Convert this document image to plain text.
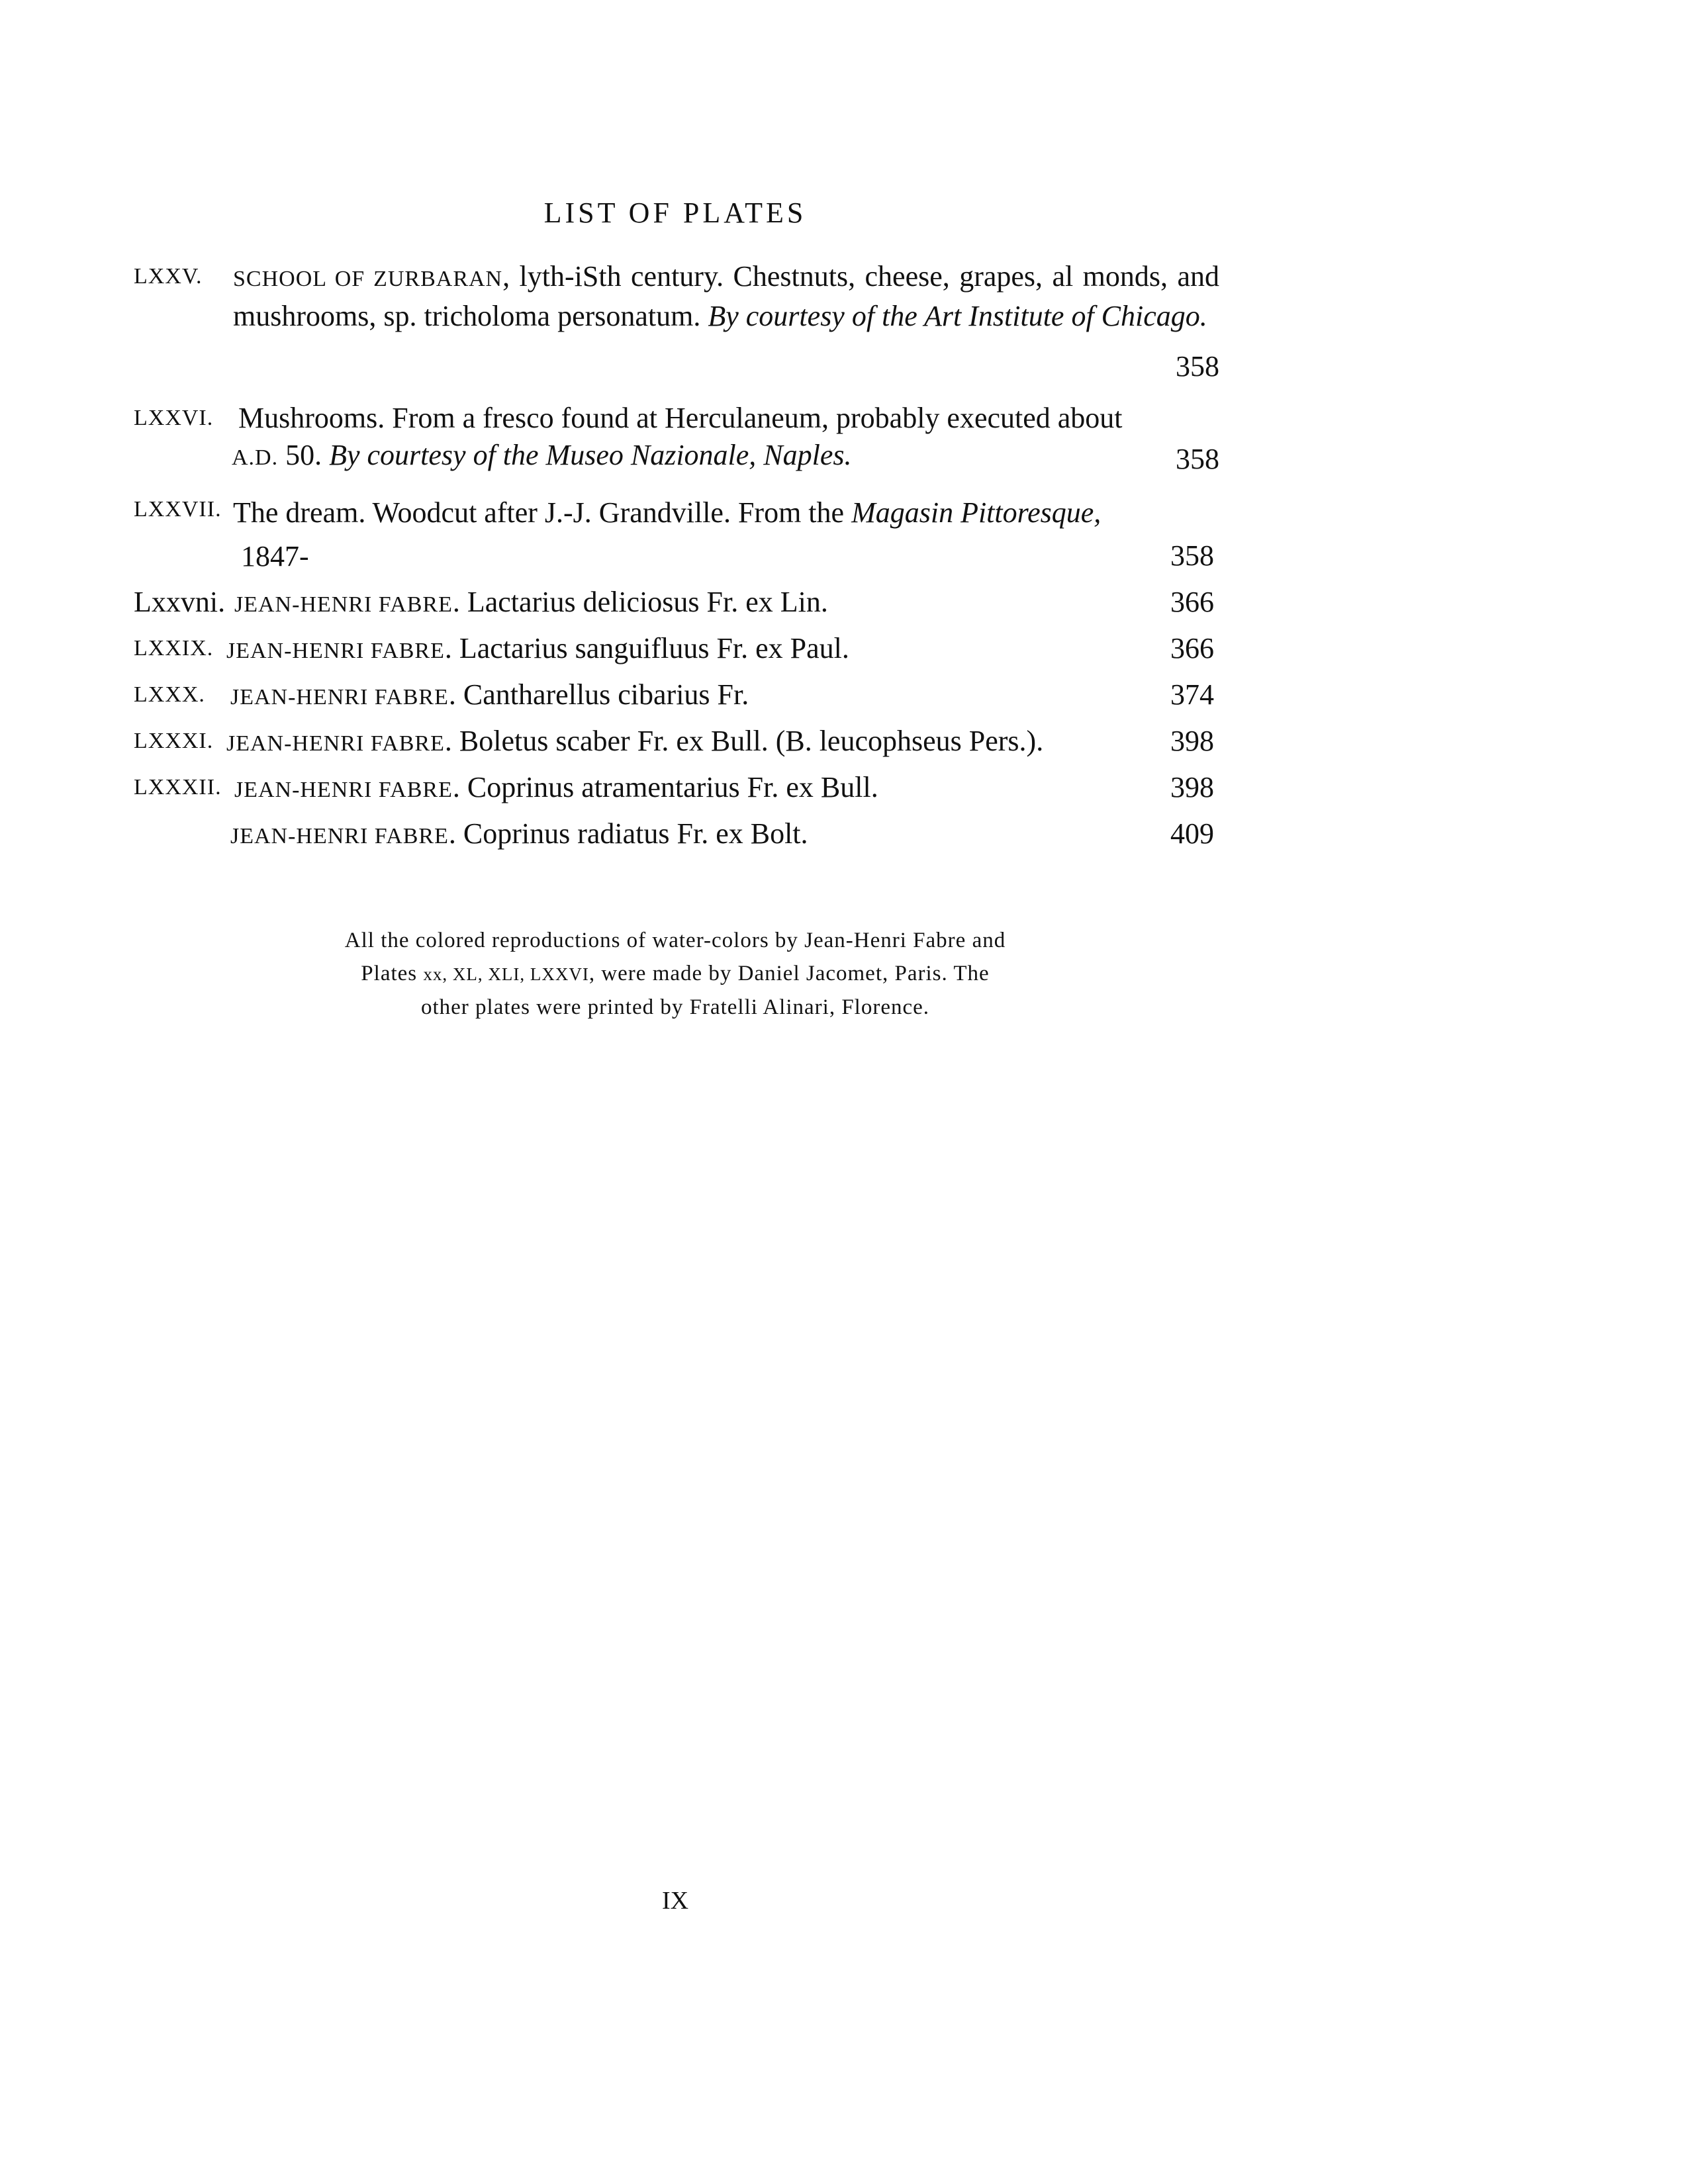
LIST OF PLATES
LXXV.	SCHOOL OF ZURBARAN, lyth-iSth century. Chestnuts, cheese, grapes, al monds, and mushrooms, sp. tricholoma personatum. By courtesy of the Art Institute of Chicago.
358
LXXVI. Mushrooms. From a fresco found at Herculaneum, probably executed about
A.D. 50. By courtesy of the Museo Nazionale, Naples.	358
LXXVII. The dream. Woodcut after J.-J. Grandville. From the Magasin Pittoresque,
1847-	358
Lxxvni. JEAN-HENRI FABRE. Lactarius deliciosus Fr. ex Lin.	366
LXXIX. JEAN-HENRI FABRE. Lactarius sanguifluus Fr. ex Paul.	366
LXXX. JEAN-HENRI FABRE. Cantharellus cibarius Fr.	374
LXXXI. JEAN-HENRI FABRE. Boletus scaber Fr. ex Bull. (B. leucophseus Pers.).	398
LXXXII. JEAN-HENRI FABRE. Coprinus atramentarius Fr. ex Bull.	398
JEAN-HENRI FABRE. Coprinus radiatus Fr. ex Bolt.	409
All the colored reproductions of water-colors by Jean-Henri Fabre and
Plates xx, XL, XLI, LXXVI, were made by Daniel Jacomet, Paris. The
other plates were printed by Fratelli Alinari, Florence.
IX
